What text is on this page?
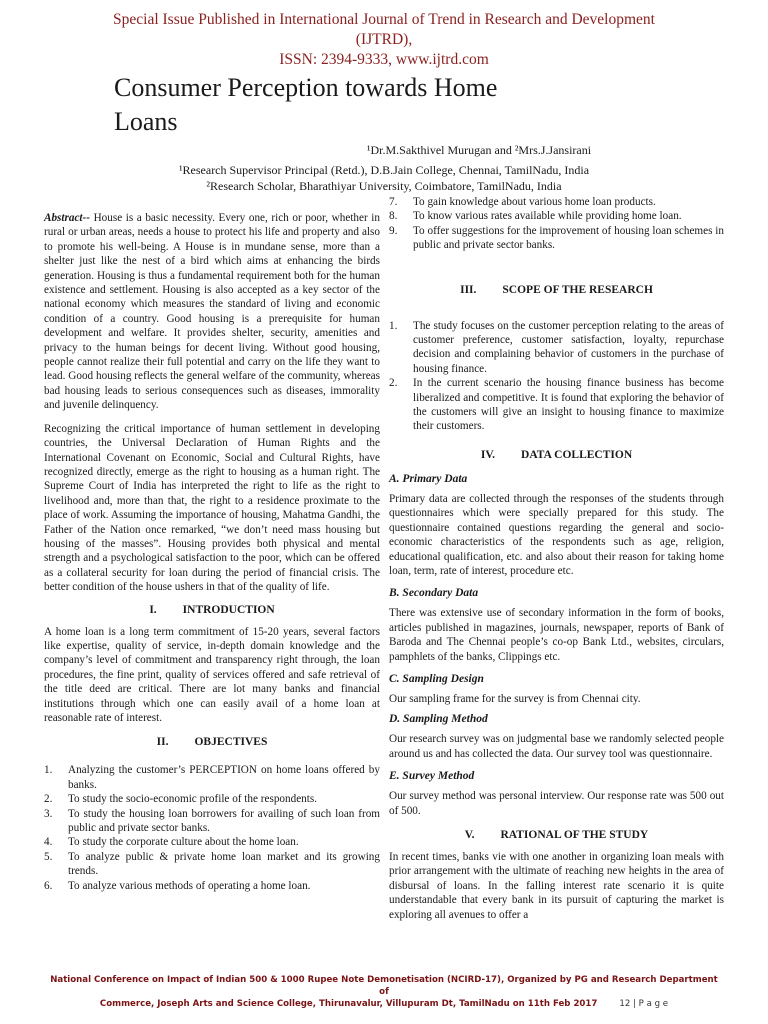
Special Issue Published in International Journal of Trend in Research and Development
(IJTRD),
ISSN: 2394-9333, www.ijtrd.com
Consumer Perception towards Home
Loans
¹Dr.M.Sakthivel Murugan and ²Mrs.J.Jansirani
¹Research Supervisor Principal (Retd.), D.B.Jain College, Chennai, TamilNadu, India
²Research Scholar, Bharathiyar University, Coimbatore, TamilNadu, India

Abstract-- House is a basic necessity. Every one, rich or poor, whether in rural or urban areas, needs a house to protect his life and property and also to promote his well-being. A House is in mundane sense, more than a shelter just like the nest of a bird which aims at enhancing the birds generation. Housing is thus a fundamental requirement both for the human existence and settlement. Housing is also accepted as a key sector of the national economy which measures the standard of living and economic condition of a country. Good housing is a prerequisite for human development and welfare. It provides shelter, security, amenities and privacy to the human beings for decent living. Without good housing, people cannot realize their full potential and carry on the life they want to lead. Good housing reflects the general welfare of the community, whereas bad housing leads to serious consequences such as diseases, immorality and juvenile delinquency.

Recognizing the critical importance of human settlement in developing countries, the Universal Declaration of Human Rights and the International Covenant on Economic, Social and Cultural Rights, have recognized directly, emerge as the right to housing as a human right. The Supreme Court of India has interpreted the right to life as the right to livelihood and, more than that, the right to a residence proximate to the place of work. Assuming the importance of housing, Mahatma Gandhi, the Father of the Nation once remarked, “we don’t need mass housing but housing of the masses”. Housing provides both physical and mental strength and a psychological satisfaction to the poor, which can be offered as a collateral security for loan during the period of financial crisis. The better condition of the house ushers in that of the quality of life.

I. INTRODUCTION

A home loan is a long term commitment of 15-20 years, several factors like expertise, quality of service, in-depth domain knowledge and the company’s level of commitment and transparency right through, the loan procedures, the fine print, quality of services offered and safe retrieval of the title deed are critical. There are lot many banks and financial institutions through which one can easily avail of a home loan at reasonable rate of interest.

II. OBJECTIVES
1. Analyzing the customer’s PERCEPTION on home loans offered by banks.
2. To study the socio-economic profile of the respondents.
3. To study the housing loan borrowers for availing of such loan from public and private sector banks.
4. To study the corporate culture about the home loan.
5. To analyze public & private home loan market and its growing trends.
6. To analyze various methods of operating a home loan.
7. To gain knowledge about various home loan products.
8. To know various rates available while providing home loan.
9. To offer suggestions for the improvement of housing loan schemes in public and private sector banks.
III. SCOPE OF THE RESEARCH
1. The study focuses on the customer perception relating to the areas of customer preference, customer satisfaction, loyalty, repurchase decision and complaining behavior of customers in the purchase of housing finance.
2. In the current scenario the housing finance business has become liberalized and competitive. It is found that exploring the behavior of the customers will give an insight to housing finance to maximize their customers.
IV. DATA COLLECTION
A. Primary Data

Primary data are collected through the responses of the students through questionnaires which were specially prepared for this study. The questionnaire contained questions regarding the general and socio-economic characteristics of the respondents such as age, religion, educational qualification, etc. and also about their reason for taking home loan, term, rate of interest, procedure etc.

B. Secondary Data

There was extensive use of secondary information in the form of books, articles published in magazines, journals, newspaper, reports of Bank of Baroda and The Chennai people’s co-op Bank Ltd., websites, circulars, pamphlets of the banks, Clippings etc.

C. Sampling Design

Our sampling frame for the survey is from Chennai city.

D. Sampling Method

Our research survey was on judgmental base we randomly selected people around us and has collected the data. Our survey tool was questionnaire.

E. Survey Method

Our survey method was personal interview. Our response rate was 500 out of 500.

V. RATIONAL OF THE STUDY

In recent times, banks vie with one another in organizing loan meals with prior arrangement with the ultimate of reaching new heights in the area of disbursal of loans. In the falling interest rate scenario it is quite understandable that every bank in its pursuit of capturing the market is exploring all avenues to offer a

National Conference on Impact of Indian 500 & 1000 Rupee Note Demonetisation (NCIRD-17), Organized by PG and Research Department
of
Commerce, Joseph Arts and Science College, Thirunavalur, Villupuram Dt, TamilNadu on 11th Feb 2017	12 | P a g e
